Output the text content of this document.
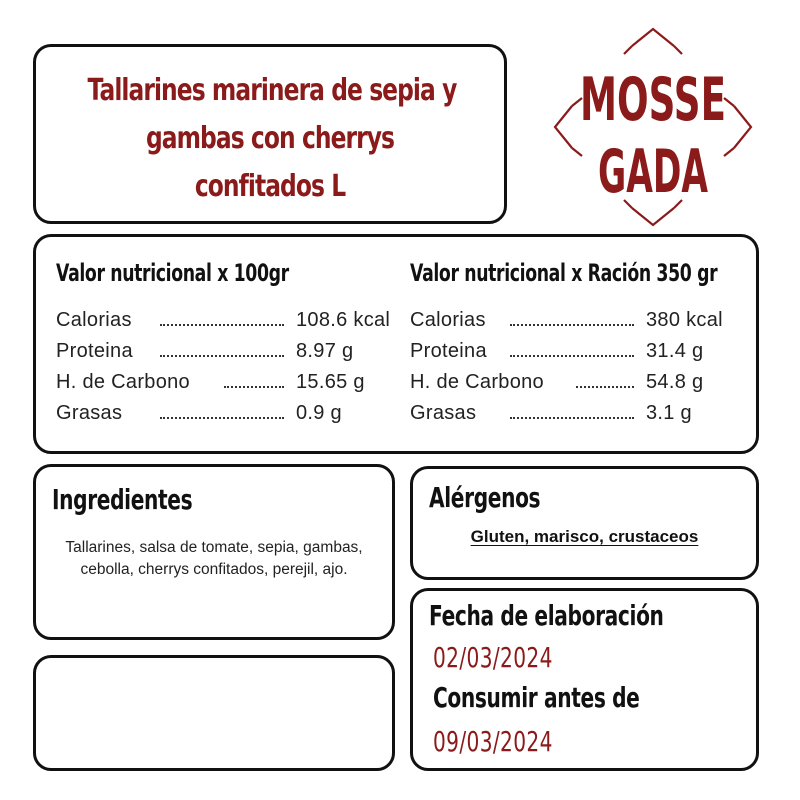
Tallarines marinera de sepia y
gambas con cherrys
confitados L
MOSSE
GADA
Valor nutricional x 100gr	Valor nutricional x Ración 350 gr
Calorias	108.6 kcal
Proteina	8.97 g
H. de Carbono	15.65 g
Grasas	0.9 g
Calorias	380 kcal
Proteina	31.4 g
H. de Carbono	54.8 g
Grasas	3.1 g
Ingredientes
Tallarines, salsa de tomate, sepia, gambas, cebolla, cherrys confitados, perejil, ajo.
Alérgenos
Gluten, marisco, crustaceos
Fecha de elaboración
02/03/2024
Consumir antes de
09/03/2024
